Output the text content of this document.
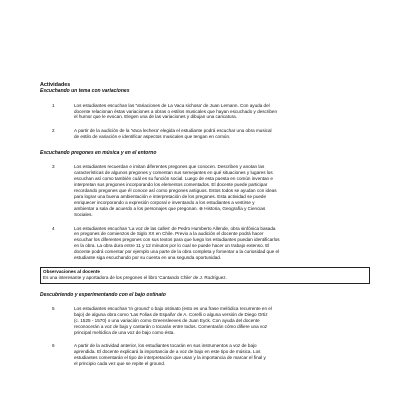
Actividades
Escuchando un tema con variaciones
1	Los estudiantes escuchan las 'Variaciones de La Vaca sichosa' de Juan Lemann. Con ayuda del

docente relacionan éstas variaciones a obras o estilos musicales que hayan escuchado y describen

el humor que le evocan. Elegen una de las variaciones y dibujan una caricatura.

2	A partir de la audición de la 'Vaca lechera' elegida el estudiante podrá escuchar una obra musical

de estilo de variación e identificar aspectos musicales que tengan en común.

Escuchando pregones en música y en el entorno
3	Los estudiantes recuerdan e imitan diferentes pregones que conocen. Describen y anotan las

características de algunos pregones y comentan sus semejantes en qué situaciones y lugares los

escuchan así como también cuál es su función social. Luego de esta puesta en común inventan e

interpretan sus pregones incorporando los elementos comentados. El docente puede participar

recordando pregones que él conoce así como pregones antiguos. Estos todos se ayudan con ideas

para lograr una buena ambientación e interpretación de los pregones. Esta actividad se puede

enriquecer incorporando a expresión corporal e inventando a los estudiantes a vestirse y

ambientar a sala de acuerdo a los personajes que pregonan. ⊕ Historia, Geografía y Ciencias

Sociales.

4	Los estudiantes escuchan 'La voz de las calles' de Pedro Humberto Allende, obra sinfónica basada

en pregones de comienzos de Siglo XX en Chile. Previo a la audición el docente podrá hacer

escuchar los diferentes pregones con sus textos para que luego los estudiantes puedan identificarlos

en la obra. La obra dura entre 11 y 12 minutos por lo cual se puede hacer un trabajo extenso. El

docente podrá comentar por ejemplo una parte de la obra completa y fomentar a la curiosidad que el

estudiante siga escuchando por su cuenta en una segunda oportunidad.

Observaciones al docente

Es una interesante y aportadora de los pregones el libro 'Cantando Chile' de J. Rodríguez.

Descubriendo y experimentando con el bajo ostinato
5	Los estudiantes escuchan 'In ground' o bajo ostinato (esto es una frase melódica recurrente en el

bajo) de alguna obra como 'Las Folias de España' de A. Corelli o alguna versión de Diego Ortiz

(c. 1525 - 1570) o una variación como Greensleeves de Juan Eyck. Con ayuda del docente

reconocerán a voz de bajo y cantarán o tocarán entre todos. Comentarán cómo difiere una voz

principal melódica de una voz de bajo como ésta.

6	A partir de la actividad anterior, los estudiantes tocarán en sus instrumentos a voz de bajo

aprendida. El docente explicará la importancia de a voz de bajo en este tipo de música. Los

estudiantes comentarán el tipo de interpretación que usan y la importancia de marcar el final y

el principio cada vez que se repite el ground.
